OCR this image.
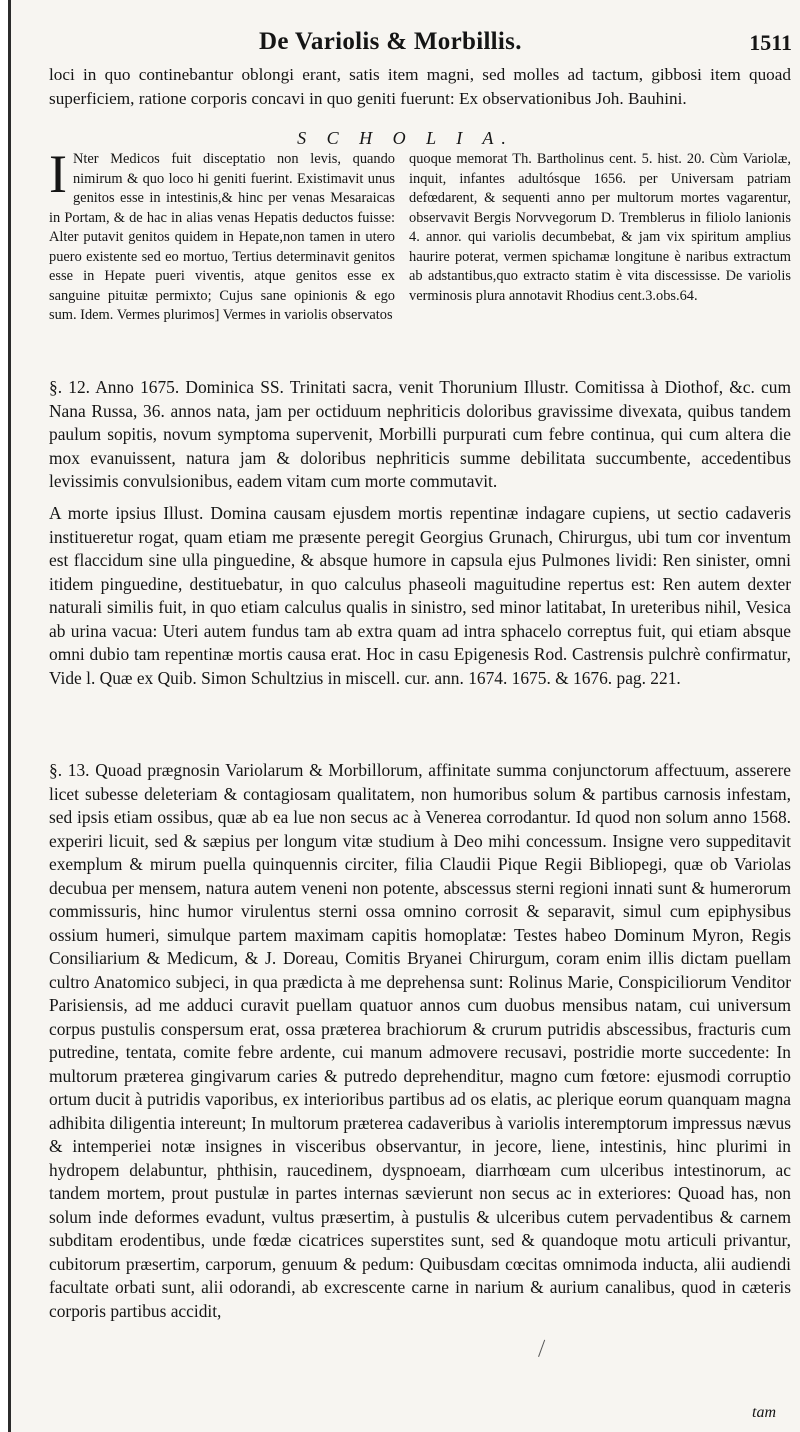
De Variolis & Morbillis.	1511

loci in quo continebantur oblongi erant, satis item magni, sed molles ad tactum, gibbosi item quoad superficiem, ratione corporis concavi in quo geniti fuerunt: Ex observationibus Joh. Bauhini.

S C H O L I A.
I Nter Medicos fuit disceptatio non levis, quando nimirum & quo loco hi geniti fuerint. Existimavit unus genitos esse in intestinis,& hinc per venas Mesaraicas in Portam, & de hac in alias venas Hepatis deductos fuisse: Alter putavit genitos quidem in Hepate,non tamen in utero puero existente sed eo mortuo, Tertius determinavit genitos esse in Hepate pueri viventis, atque genitos esse ex sanguine pituitæ permixto; Cujus sane opinionis & ego sum. Idem. Vermes plurimos] Vermes in variolis observatos
quoque memorat Th. Bartholinus cent. 5. hist. 20. Cùm Variolæ, inquit, infantes adultósque 1656. per Universam patriam defœdarent, & sequenti anno per multorum mortes vagarentur, observavit Bergis Norvvegorum D. Tremblerus in filiolo lanionis 4. annor. qui variolis decumbebat, & jam vix spiritum amplius haurire poterat, vermen spichamæ longitune è naribus extractum ab adstantibus,quo extracto statim è vita discessisse. De variolis verminosis plura annotavit Rhodius cent.3.obs.64.

§. 12. Anno 1675. Dominica SS. Trinitati sacra, venit Thorunium Illustr. Comitissa à Diothof, &c. cum Nana Russa, 36. annos nata, jam per octiduum nephriticis doloribus gravissime divexata, quibus tandem paulum sopitis, novum symptoma supervenit, Morbilli purpurati cum febre continua, qui cum altera die mox evanuissent, natura jam & doloribus nephriticis summe debilitata succumbente, accedentibus levissimis convulsionibus, eadem vitam cum morte commutavit.

A morte ipsius Illust. Domina causam ejusdem mortis repentinæ indagare cupiens, ut sectio cadaveris institueretur rogat, quam etiam me præsente peregit Georgius Grunach, Chirurgus, ubi tum cor inventum est flaccidum sine ulla pinguedine, & absque humore in capsula ejus Pulmones lividi: Ren sinister, omni itidem pinguedine, destituebatur, in quo calculus phaseoli maguitudine repertus est: Ren autem dexter naturali similis fuit, in quo etiam calculus qualis in sinistro, sed minor latitabat, In ureteribus nihil, Vesica ab urina vacua: Uteri autem fundus tam ab extra quam ad intra sphacelo correptus fuit, qui etiam absque omni dubio tam repentinæ mortis causa erat. Hoc in casu Epigenesis Rod. Castrensis pulchrè confirmatur, Vide l. Quæ ex Quib. Simon Schultzius in miscell. cur. ann. 1674. 1675. & 1676. pag. 221.

§. 13. Quoad prægnosin Variolarum & Morbillorum, affinitate summa conjunctorum affectuum, asserere licet subesse deleteriam & contagiosam qualitatem, non humoribus solum & partibus carnosis infestam, sed ipsis etiam ossibus, quæ ab ea lue non secus ac à Venerea corrodantur. Id quod non solum anno 1568. experiri licuit, sed & sæpius per longum vitæ studium à Deo mihi concessum. Insigne vero suppeditavit exemplum & mirum puella quinquennis circiter, filia Claudii Pique Regii Bibliopegi, quæ ob Variolas decubua per mensem, natura autem veneni non potente, abscessus sterni regioni innati sunt & humerorum commissuris, hinc humor virulentus sterni ossa omnino corrosit & separavit, simul cum epiphysibus ossium humeri, simulque partem maximam capitis homoplatæ: Testes habeo Dominum Myron, Regis Consiliarium & Medicum, & J. Doreau, Comitis Bryanei Chirurgum, coram enim illis dictam puellam cultro Anatomico subjeci, in qua prædicta à me deprehensa sunt: Rolinus Marie, Conspiciliorum Venditor Parisiensis, ad me adduci curavit puellam quatuor annos cum duobus mensibus natam, cui universum corpus pustulis conspersum erat, ossa præterea brachiorum & crurum putridis abscessibus, fracturis cum putredine, tentata, comite febre ardente, cui manum admovere recusavi, postridie morte succedente: In multorum præterea gingivarum caries & putredo deprehenditur, magno cum fœtore: ejusmodi corruptio ortum ducit à putridis vaporibus, ex interioribus partibus ad os elatis, ac plerique eorum quanquam magna adhibita diligentia intereunt; In multorum præterea cadaveribus à variolis interemptorum impressus nævus & intemperiei notæ insignes in visceribus observantur, in jecore, liene, intestinis, hinc plurimi in hydropem delabuntur, phthisin, raucedinem, dyspnoeam, diarrhœam cum ulceribus intestinorum, ac tandem mortem, prout pustulæ in partes internas sævierunt non secus ac in exteriores: Quoad has, non solum inde deformes evadunt, vultus præsertim, à pustulis & ulceribus cutem pervadentibus & carnem subditam erodentibus, unde fœdæ cicatrices superstites sunt, sed & quandoque motu articuli privantur, cubitorum præsertim, carporum, genuum & pedum: Quibusdam cœcitas omnimoda inducta, alii audiendi facultate orbati sunt, alii odorandi, ab excrescente carne in narium & aurium canalibus, quod in cæteris corporis partibus accidit,

tam
